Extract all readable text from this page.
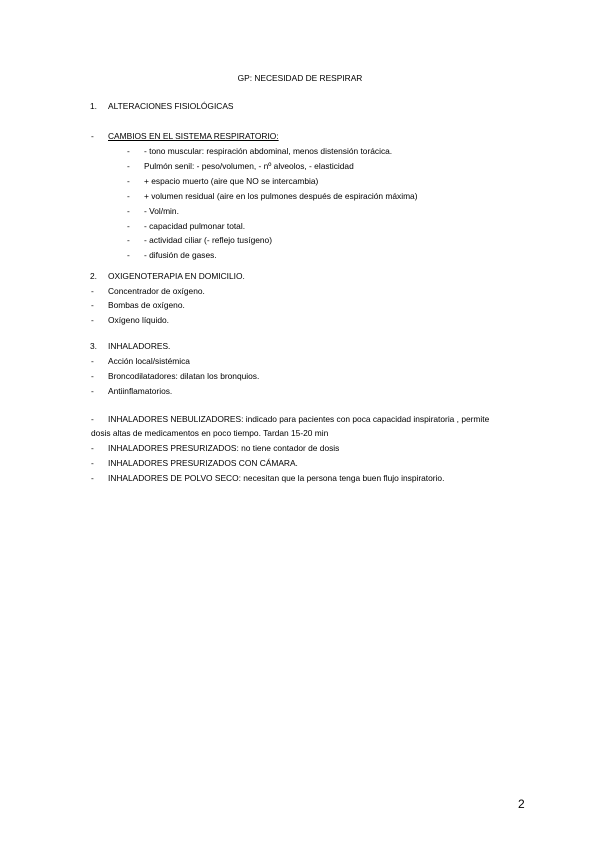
GP: NECESIDAD DE RESPIRAR
1. ALTERACIONES FISIOLÓGICAS
- CAMBIOS EN EL SISTEMA RESPIRATORIO:
- - tono muscular: respiración abdominal, menos distensión torácica.
- Pulmón senil: - peso/volumen, - nº alveolos, - elasticidad
- + espacio muerto (aire que NO se intercambia)
- + volumen residual (aire en los pulmones después de espiración máxima)
- - Vol/min.
- - capacidad pulmonar total.
- - actividad ciliar (- reflejo tusígeno)
- - difusión de gases.
2. OXIGENOTERAPIA EN DOMICILIO.
- Concentrador de oxígeno.
- Bombas de oxígeno.
- Oxígeno líquido.
3. INHALADORES.
- Acción local/sistémica
- Broncodilatadores: dilatan los bronquios.
- Antiinflamatorios.
- INHALADORES NEBULIZADORES: indicado para pacientes con poca capacidad inspiratoria , permite
dosis altas de medicamentos en poco tiempo. Tardan 15-20 min
- INHALADORES PRESURIZADOS: no tiene contador de dosis
- INHALADORES PRESURIZADOS CON CÁMARA.
- INHALADORES DE POLVO SECO: necesitan que la persona tenga buen flujo inspiratorio.
2
